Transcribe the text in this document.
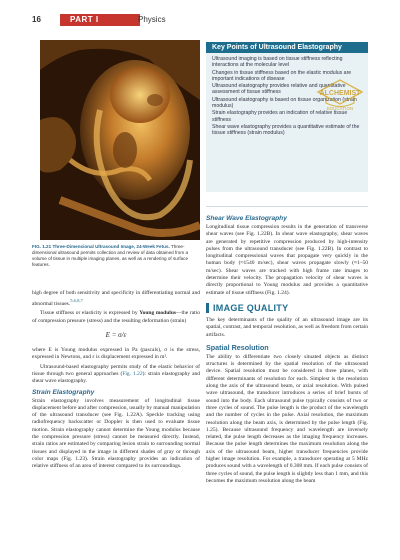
16	PART I	Physics
FIG. 1.21 Three-Dimensional Ultrasound Image, 24-Week Fetus. Three-dimensional ultrasound permits collection and review of data obtained from a volume of tissue in multiple imaging planes, as well as a rendering of surface features.
Key Points of Ultrasound Elastography
Ultrasound imaging is based on tissue stiffness reflecting interactions at the molecular level
Changes in tissue stiffness based on the elastic modulus are important indications of disease
Ultrasound elastography provides relative and quantitative assessment of tissue stiffness
Ultrasound elastography is based on tissue organization (strain modulus)
Strain elastography provides an indication of relative tissue stiffness
Shear wave elastography provides a quantitative estimate of the tissue stiffness (strain modulus)
ALCHEMIST
EDUCATION

high degree of both sensitivity and specificity in differentiating normal and abnormal tissues.$^{5,6,8,7}$

Tissue stiffness or elasticity is expressed by Young modulus—the ratio of compression pressure (stress) and the resulting deformation (strain)

E = σ/ε

where E is Young modulus expressed in Pa (pascals), σ is the stress, expressed in Newtons, and ε is displacement expressed in m².

Ultrasound-based elastography permits study of the elastic behavior of tissue through two general approaches (Fig. 1.22): strain elastography and shear wave elastography.

Strain Elastography

Strain elastography involves measurement of longitudinal tissue displacement before and after compression, usually by manual manipulation of the ultrasound transducer (see Fig. 1.22A). Speckle tracking using radiofrequency backscatter or Doppler is then used to evaluate tissue motion. Strain elastography cannot determine the Young modulus because the compression pressure (stress) cannot be measured directly. Instead, strain ratios are estimated by comparing lesion strain to surrounding normal tissues and displayed in the image in different shades of gray or through color maps (Fig. 1.23). Strain elastography provides an indication of relative stiffness of an area of interest compared to its surroundings.

Shear Wave Elastography

Longitudinal tissue compression results in the generation of transverse shear waves (see Fig. 1.22B). In shear wave elastography, shear waves are generated by repetitive compression produced by high-intensity pulses from the ultrasound transducer (see Fig. 1.22B). In contrast to longitudinal compressional waves that propagate very quickly in the human body (≈1540 m/sec), shear waves propagate slowly (≈1–50 m/sec). Shear waves are tracked with high frame rate images to determine their velocity. The propagation velocity of shear waves is directly proportional to Young modulus and provides a quantitative estimate of tissue stiffness (Fig. 1.24).

IMAGE QUALITY

The key determinants of the quality of an ultrasound image are its spatial, contrast, and temporal resolution, as well as freedom from certain artifacts.

Spatial Resolution

The ability to differentiate two closely situated objects as distinct structures is determined by the spatial resolution of the ultrasound device. Spatial resolution must be considered in three planes, with different determinants of resolution for each. Simplest is the resolution along the axis of the ultrasound beam, or axial resolution. With pulsed wave ultrasound, the transducer introduces a series of brief bursts of sound into the body. Each ultrasound pulse typically consists of two or three cycles of sound. The pulse length is the product of the wavelength and the number of cycles in the pulse. Axial resolution, the maximum resolution along the beam axis, is determined by the pulse length (Fig. 1.25). Because ultrasound frequency and wavelength are inversely related, the pulse length decreases as the imaging frequency increases. Because the pulse length determines the maximum resolution along the axis of the ultrasound beam, higher transducer frequencies provide higher image resolution. For example, a transducer operating at 5 MHz produces sound with a wavelength of 0.308 mm. If each pulse consists of three cycles of sound, the pulse length is slightly less than 1 mm, and this becomes the maximum resolution along the beam
